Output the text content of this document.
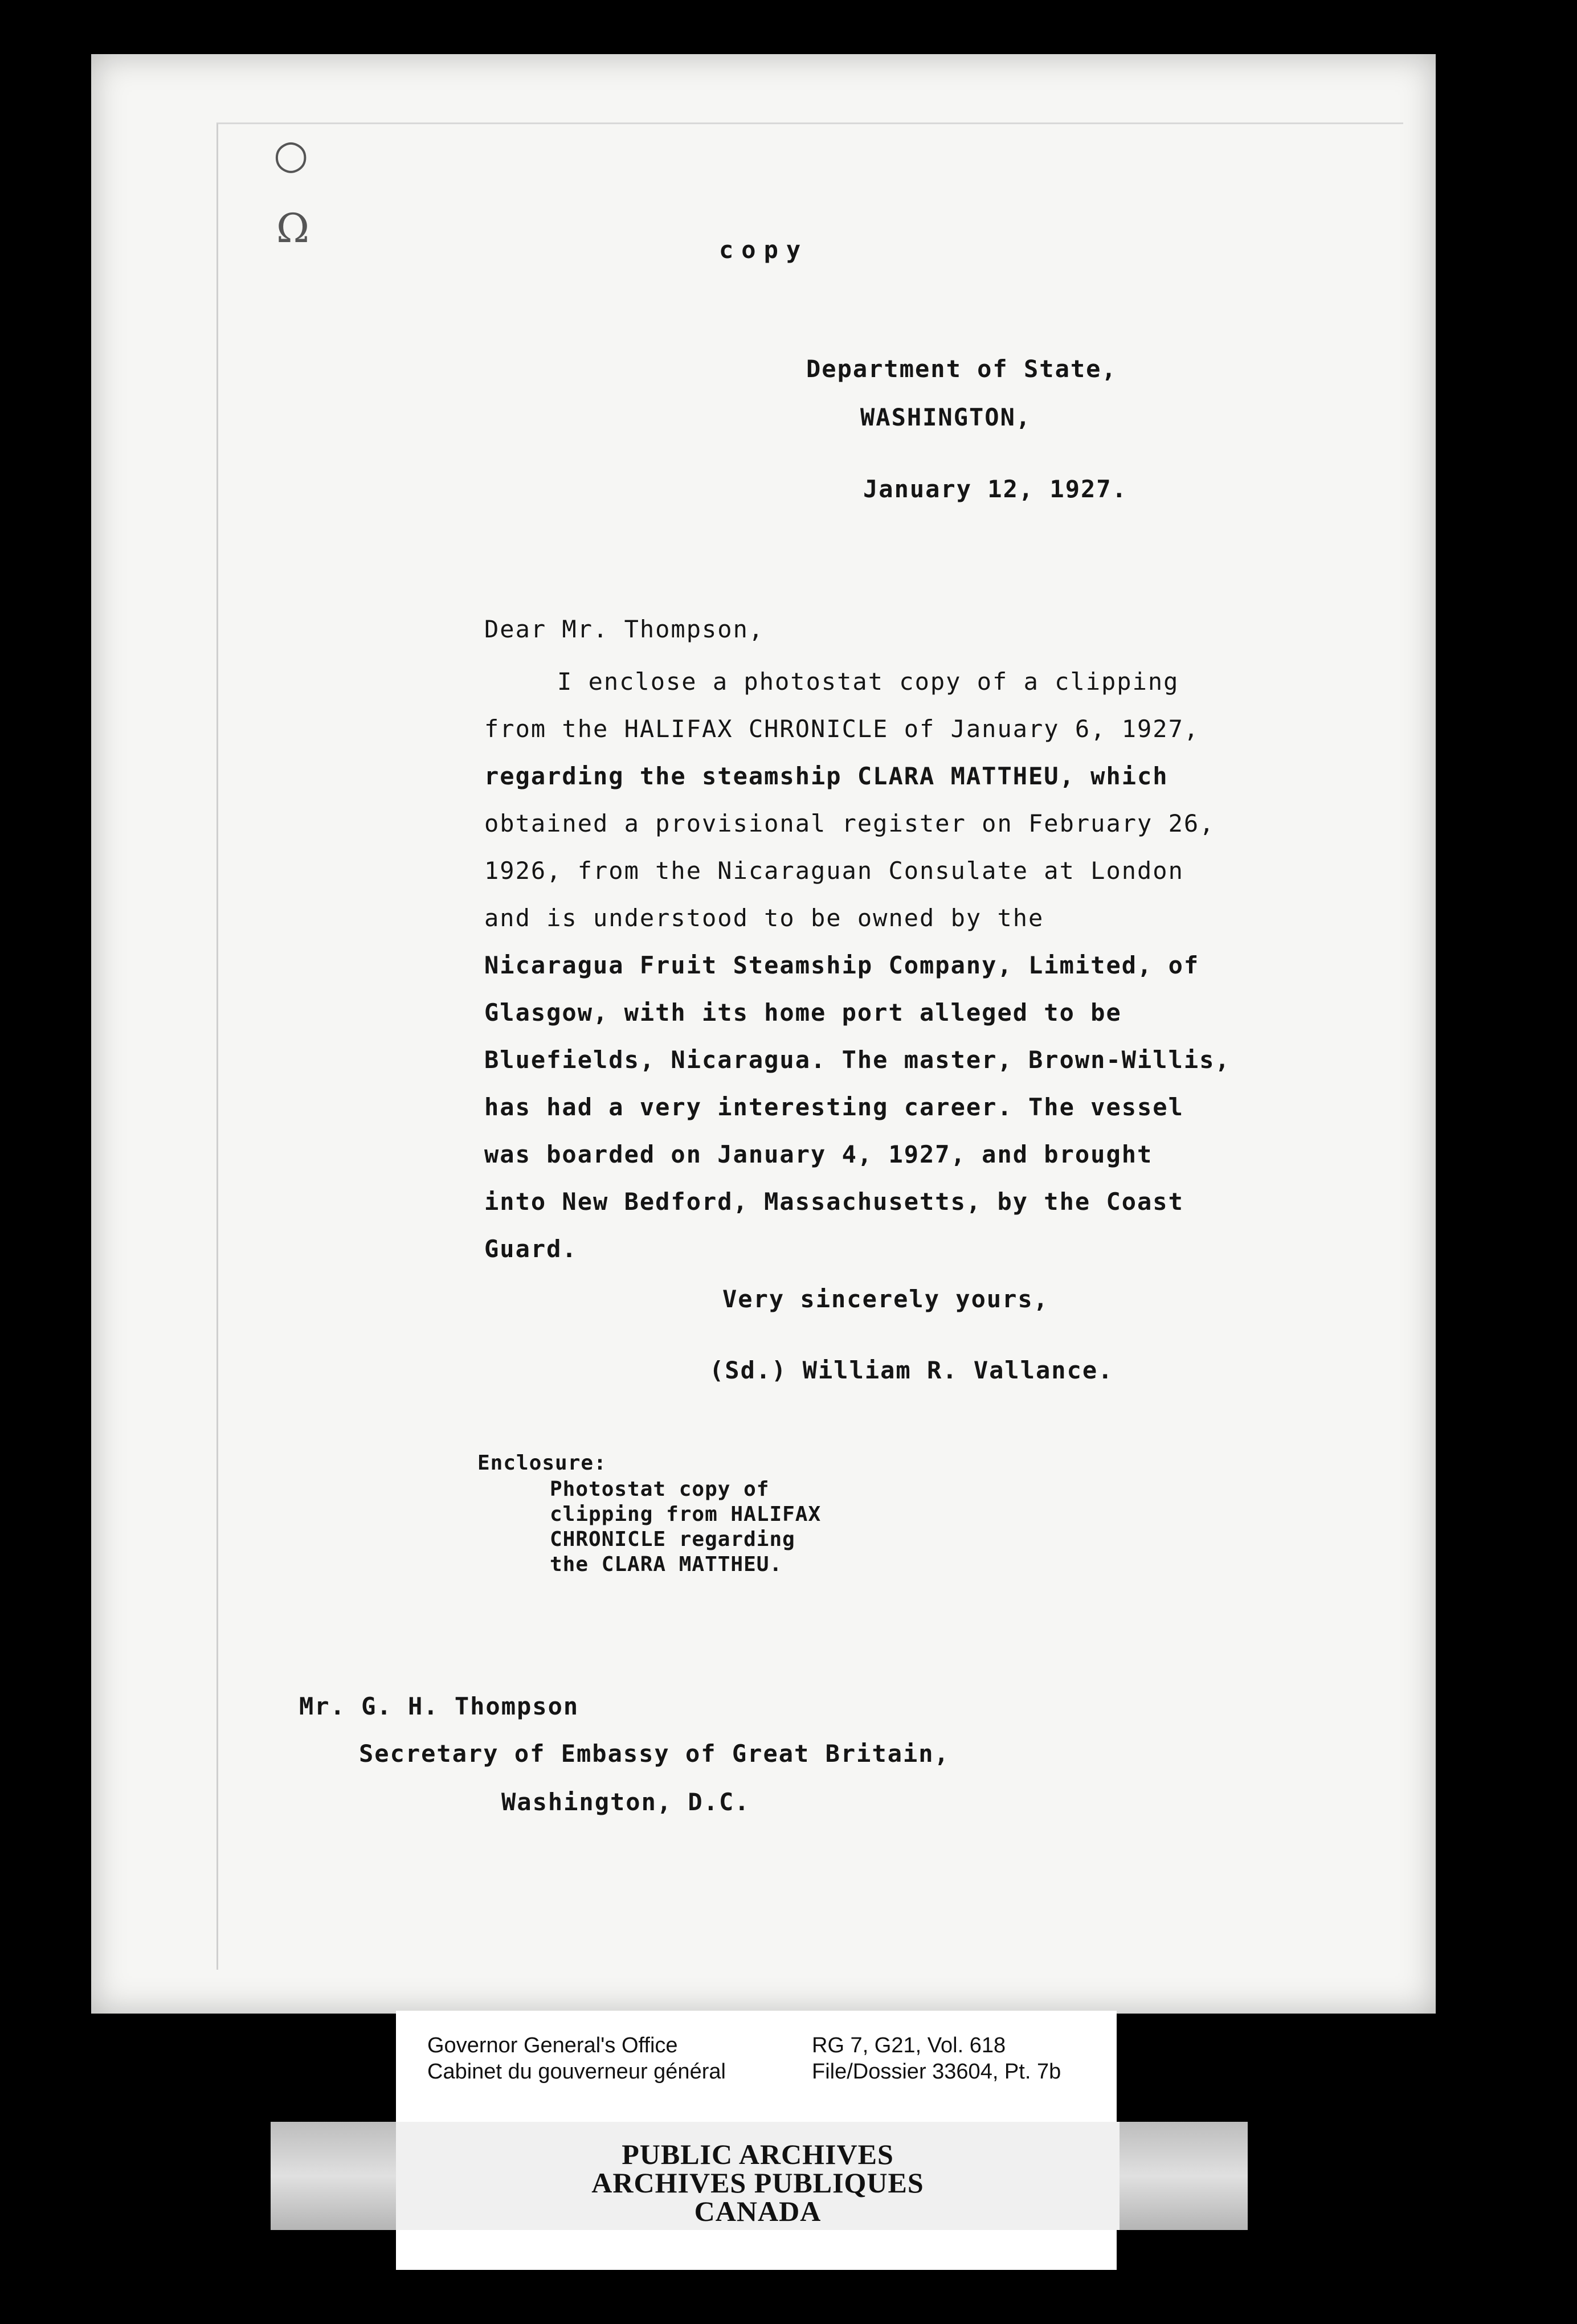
○
Ω	copy
Department of State,
WASHINGTON,
January 12, 1927.
Dear Mr. Thompson,
I enclose a photostat copy of a clipping
from the HALIFAX CHRONICLE of January 6, 1927,
regarding the steamship CLARA MATTHEU, which
obtained a provisional register on February 26,
1926, from the Nicaraguan Consulate at London
and is understood to be owned by the
Nicaragua Fruit Steamship Company, Limited, of
Glasgow, with its home port alleged to be
Bluefields, Nicaragua. The master, Brown-Willis,
has had a very interesting career. The vessel
was boarded on January 4, 1927, and brought
into New Bedford, Massachusetts, by the Coast
Guard.
Very sincerely yours,
(Sd.) William R. Vallance.
Enclosure:
Photostat copy of
clipping from HALIFAX
CHRONICLE regarding
the CLARA MATTHEU.
Mr. G. H. Thompson
Secretary of Embassy of Great Britain,
Washington, D.C.
Governor General's Office
Cabinet du gouverneur général
RG 7, G21, Vol. 618
File/Dossier 33604, Pt. 7b
PUBLIC ARCHIVES
ARCHIVES PUBLIQUES
CANADA
